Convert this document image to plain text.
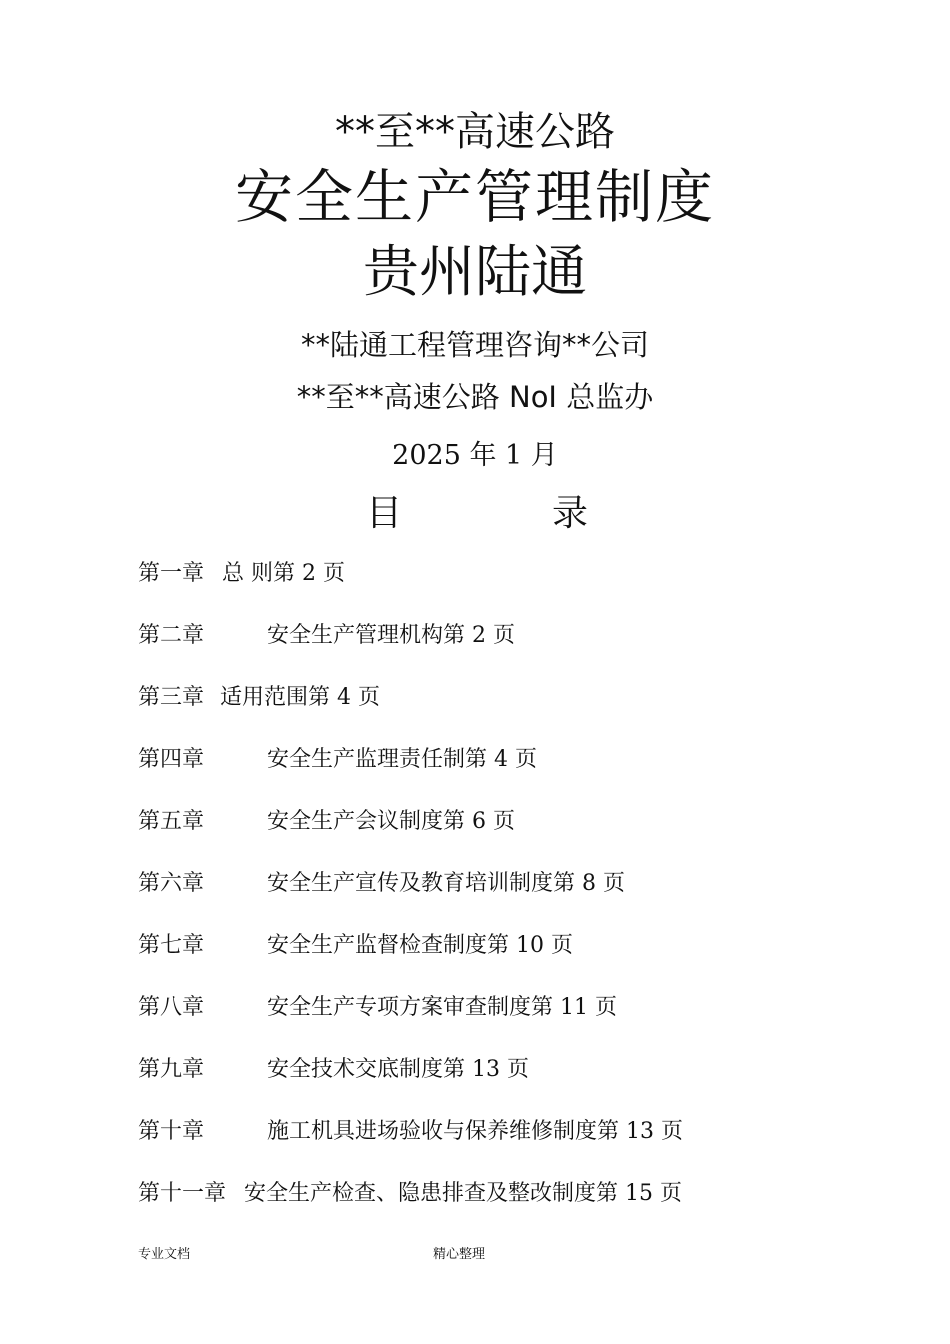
**至**高速公路
安全生产管理制度
贵州陆通
**陆通工程管理咨询**公司
**至**高速公路 NoI 总监办
2025 年 1 月
目	录
第一章 总 则第 2 页
第二章	安全生产管理机构第 2 页
第三章 适用范围第 4 页
第四章	安全生产监理责任制第 4 页
第五章	安全生产会议制度第 6 页
第六章	安全生产宣传及教育培训制度第 8 页
第七章	安全生产监督检查制度第 10 页
第八章	安全生产专项方案审查制度第 11 页
第九章	安全技术交底制度第 13 页
第十章	施工机具进场验收与保养维修制度第 13 页
第十一章 安全生产检查、隐患排查及整改制度第 15 页
专业文档	精心整理
